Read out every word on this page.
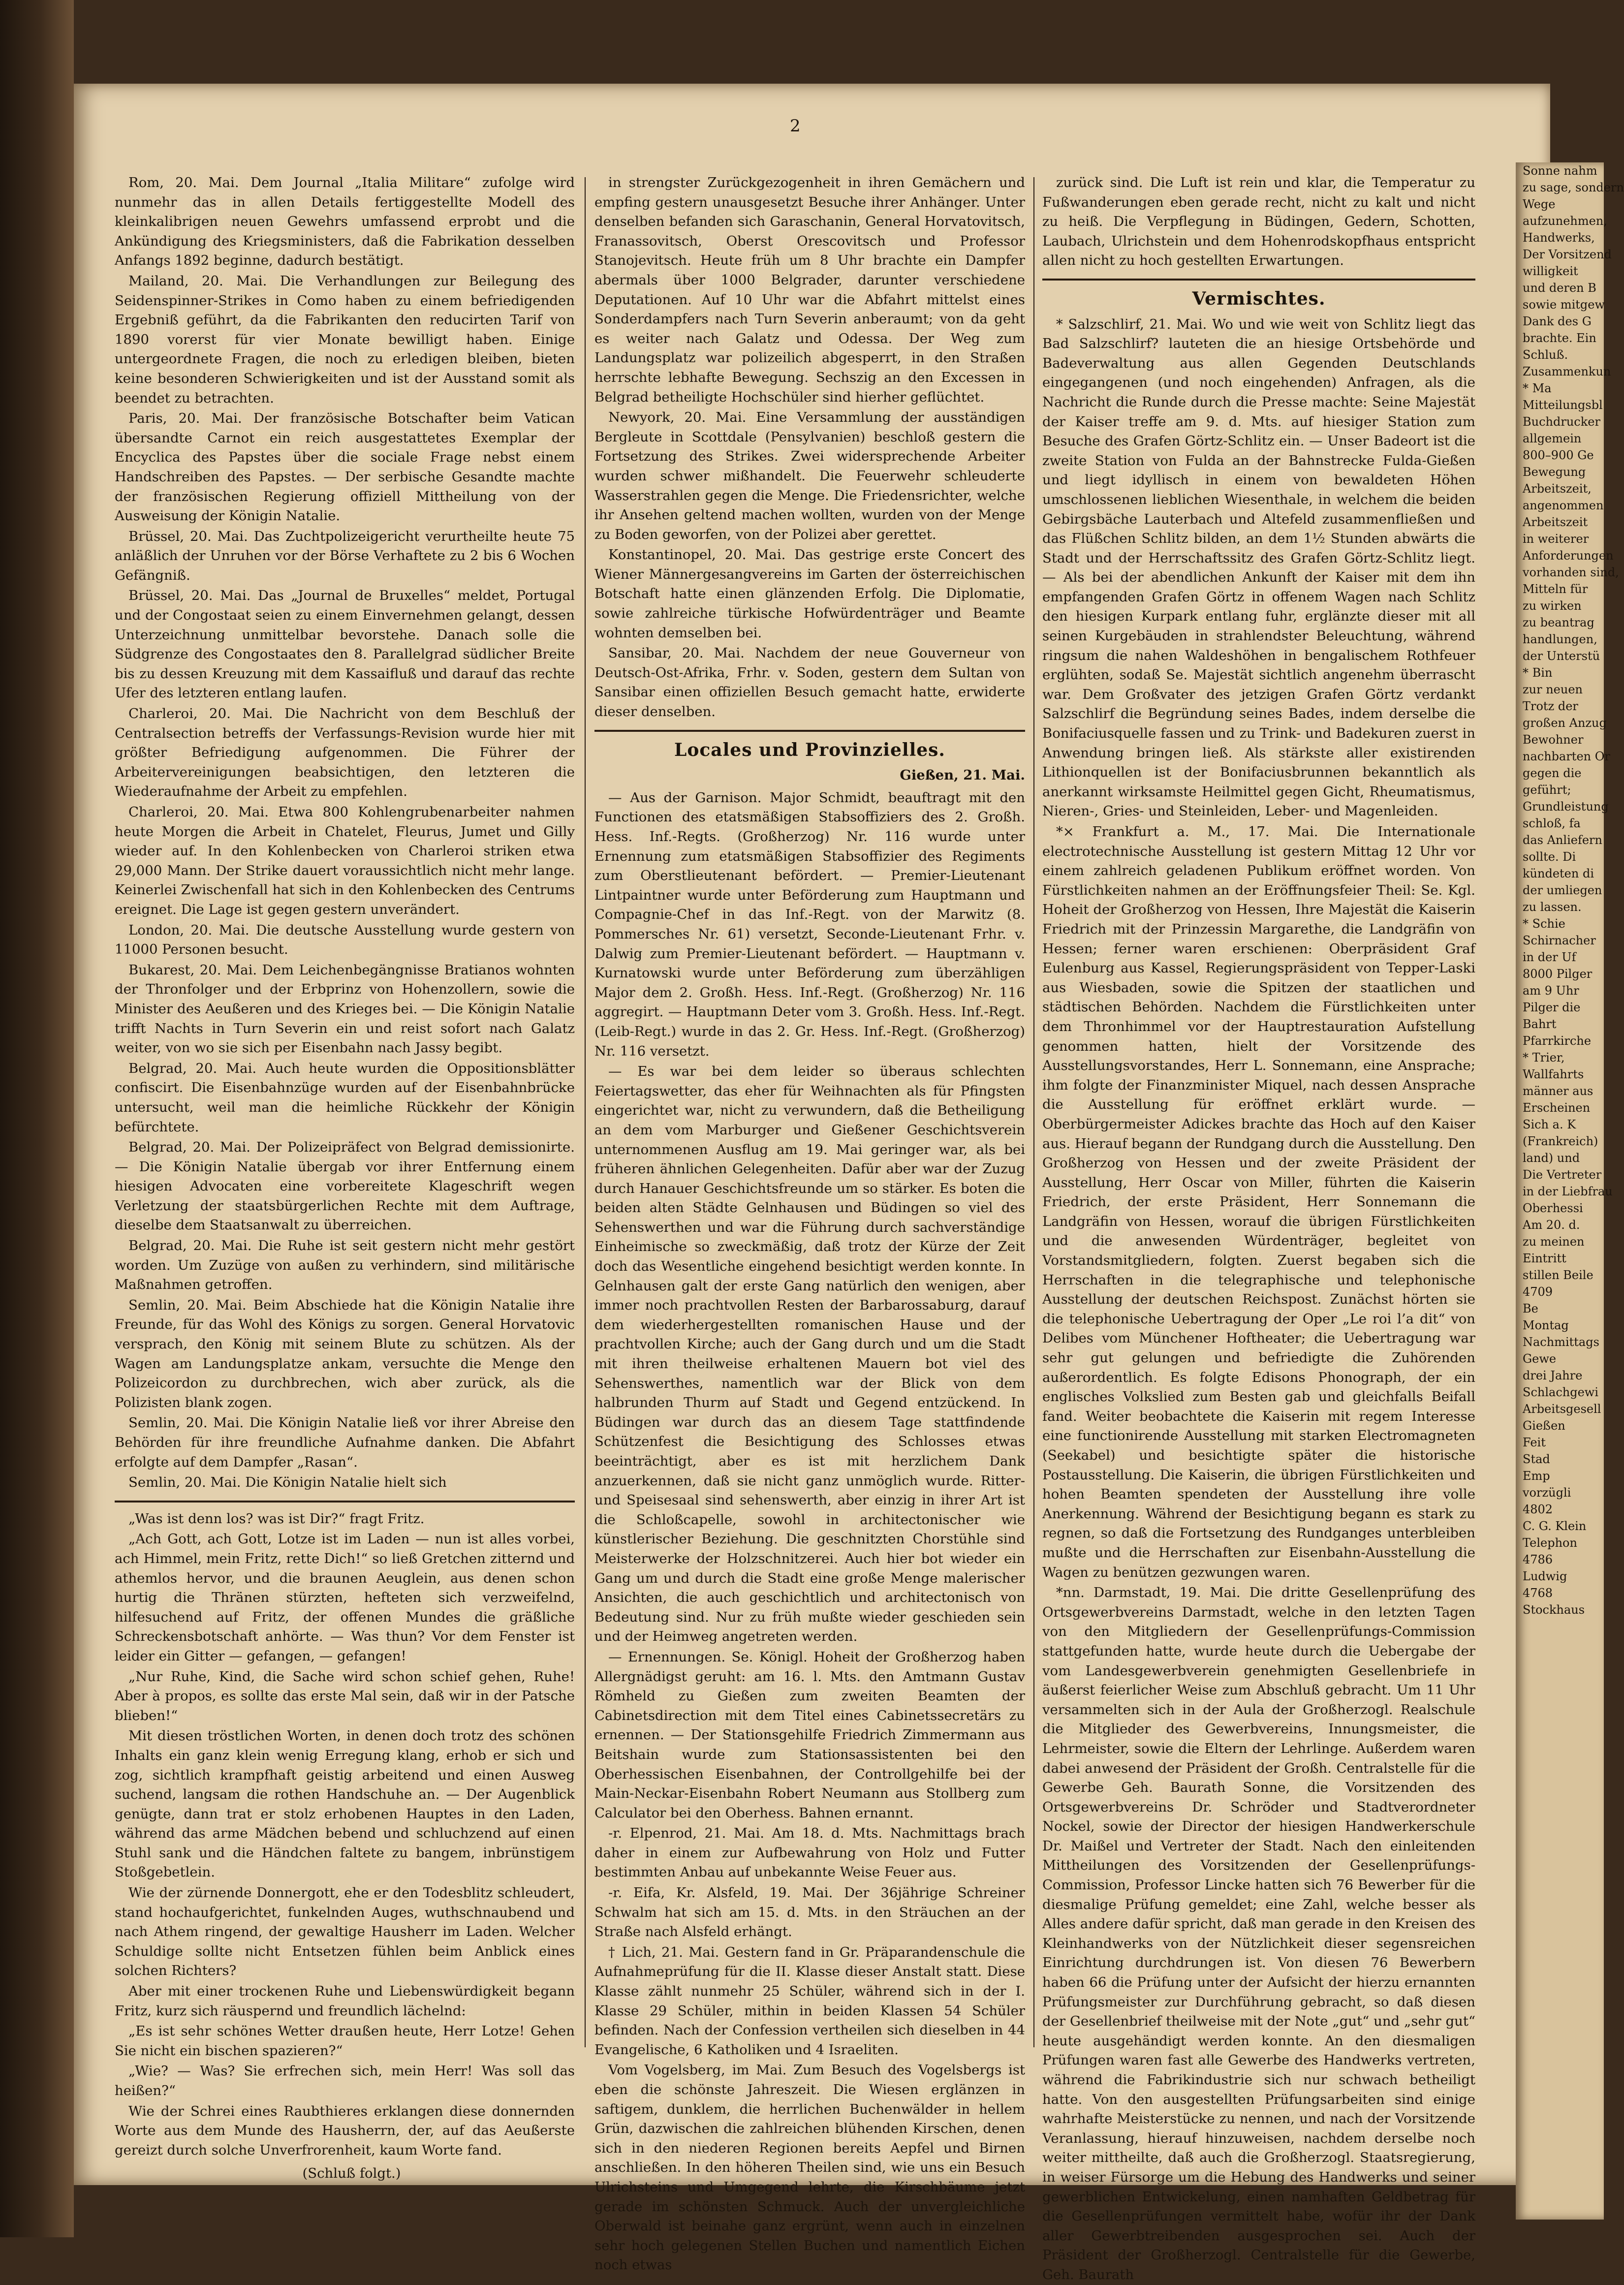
Sonne nahm

zu sage, sondern

Wege

aufzunehmen,

Handwerks,

Der Vorsitzend

willigkeit

und deren B

sowie mitgew

Dank des G

brachte. Ein

Schluß.

Zusammenkun

* Ma

Mitteilungsbl

Buchdrucker

allgemein

800–900 Ge

Bewegung

Arbeitszeit,

angenommen

Arbeitszeit

in weiterer

Anforderungen

vorhanden sind,

Mitteln für

zu wirken

zu beantrag

handlungen,

der Unterstü

* Bin

zur neuen

Trotz der

großen Anzug

Bewohner

nachbarten Or

gegen die

geführt;

Grundleistung

schloß, fa

das Anliefern

sollte. Di

kündeten di

der umliegen

zu lassen.

* Schie

Schirnacher

in der Uf

8000 Pilger

am 9 Uhr

Pilger die

Bahrt

Pfarrkirche

* Trier,

Wallfahrts

männer aus

Erscheinen

Sich a. K

(Frankreich)

land) und

Die Vertreter

in der Liebfrau

Oberhessi

Am 20. d.

zu meinen

Eintritt

stillen Beile

4709

Be

Montag

Nachmittags

Gewe

drei Jahre

Schlachgewi

Arbeitsgesell

Gießen

Feit

Stad

Emp

vorzügli

4802

C. G. Klein

Telephon

4786

Ludwig

4768

Stockhaus

2

Rom, 20. Mai. Dem Journal „Italia Militare“ zufolge wird nunmehr das in allen Details fertiggestellte Modell des kleinkalibrigen neuen Gewehrs umfassend erprobt und die Ankündigung des Kriegsministers, daß die Fabrikation desselben Anfangs 1892 beginne, dadurch bestätigt.

Mailand, 20. Mai. Die Verhandlungen zur Beilegung des Seidenspinner-Strikes in Como haben zu einem befriedigenden Ergebniß geführt, da die Fabrikanten den reducirten Tarif von 1890 vorerst für vier Monate bewilligt haben. Einige untergeordnete Fragen, die noch zu erledigen bleiben, bieten keine besonderen Schwierigkeiten und ist der Ausstand somit als beendet zu betrachten.

Paris, 20. Mai. Der französische Botschafter beim Vatican übersandte Carnot ein reich ausgestattetes Exemplar der Encyclica des Papstes über die sociale Frage nebst einem Handschreiben des Papstes. — Der serbische Gesandte machte der französischen Regierung offiziell Mittheilung von der Ausweisung der Königin Natalie.

Brüssel, 20. Mai. Das Zuchtpolizeigericht verurtheilte heute 75 anläßlich der Unruhen vor der Börse Verhaftete zu 2 bis 6 Wochen Gefängniß.

Brüssel, 20. Mai. Das „Journal de Bruxelles“ meldet, Portugal und der Congostaat seien zu einem Einvernehmen gelangt, dessen Unterzeichnung unmittelbar bevorstehe. Danach solle die Südgrenze des Congostaates den 8. Parallelgrad südlicher Breite bis zu dessen Kreuzung mit dem Kassaifluß und darauf das rechte Ufer des letzteren entlang laufen.

Charleroi, 20. Mai. Die Nachricht von dem Beschluß der Centralsection betreffs der Verfassungs-Revision wurde hier mit größter Befriedigung aufgenommen. Die Führer der Arbeitervereinigungen beabsichtigen, den letzteren die Wiederaufnahme der Arbeit zu empfehlen.

Charleroi, 20. Mai. Etwa 800 Kohlengrubenarbeiter nahmen heute Morgen die Arbeit in Chatelet, Fleurus, Jumet und Gilly wieder auf. In den Kohlenbecken von Charleroi striken etwa 29,000 Mann. Der Strike dauert voraussichtlich nicht mehr lange. Keinerlei Zwischenfall hat sich in den Kohlenbecken des Centrums ereignet. Die Lage ist gegen gestern unverändert.

London, 20. Mai. Die deutsche Ausstellung wurde gestern von 11000 Personen besucht.

Bukarest, 20. Mai. Dem Leichenbegängnisse Bratianos wohnten der Thronfolger und der Erbprinz von Hohenzollern, sowie die Minister des Aeußeren und des Krieges bei. — Die Königin Natalie trifft Nachts in Turn Severin ein und reist sofort nach Galatz weiter, von wo sie sich per Eisenbahn nach Jassy begibt.

Belgrad, 20. Mai. Auch heute wurden die Oppositionsblätter confiscirt. Die Eisenbahnzüge wurden auf der Eisenbahnbrücke untersucht, weil man die heimliche Rückkehr der Königin befürchtete.

Belgrad, 20. Mai. Der Polizeipräfect von Belgrad demissionirte. — Die Königin Natalie übergab vor ihrer Entfernung einem hiesigen Advocaten eine vorbereitete Klageschrift wegen Verletzung der staatsbürgerlichen Rechte mit dem Auftrage, dieselbe dem Staatsanwalt zu überreichen.

Belgrad, 20. Mai. Die Ruhe ist seit gestern nicht mehr gestört worden. Um Zuzüge von außen zu verhindern, sind militärische Maßnahmen getroffen.

Semlin, 20. Mai. Beim Abschiede hat die Königin Natalie ihre Freunde, für das Wohl des Königs zu sorgen. General Horvatovic versprach, den König mit seinem Blute zu schützen. Als der Wagen am Landungsplatze ankam, versuchte die Menge den Polizeicordon zu durchbrechen, wich aber zurück, als die Polizisten blank zogen.

Semlin, 20. Mai. Die Königin Natalie ließ vor ihrer Abreise den Behörden für ihre freundliche Aufnahme danken. Die Abfahrt erfolgte auf dem Dampfer „Rasan“.

Semlin, 20. Mai. Die Königin Natalie hielt sich

„Was ist denn los? was ist Dir?“ fragt Fritz.

„Ach Gott, ach Gott, Lotze ist im Laden — nun ist alles vorbei, ach Himmel, mein Fritz, rette Dich!“ so ließ Gretchen zitternd und athemlos hervor, und die braunen Aeuglein, aus denen schon hurtig die Thränen stürzten, hefteten sich verzweifelnd, hilfesuchend auf Fritz, der offenen Mundes die gräßliche Schreckensbotschaft anhörte. — Was thun? Vor dem Fenster ist leider ein Gitter — gefangen, — gefangen!

„Nur Ruhe, Kind, die Sache wird schon schief gehen, Ruhe! Aber à propos, es sollte das erste Mal sein, daß wir in der Patsche blieben!“

Mit diesen tröstlichen Worten, in denen doch trotz des schönen Inhalts ein ganz klein wenig Erregung klang, erhob er sich und zog, sichtlich krampfhaft geistig arbeitend und einen Ausweg suchend, langsam die rothen Handschuhe an. — Der Augenblick genügte, dann trat er stolz erhobenen Hauptes in den Laden, während das arme Mädchen bebend und schluchzend auf einen Stuhl sank und die Händchen faltete zu bangem, inbrünstigem Stoßgebetlein.

Wie der zürnende Donnergott, ehe er den Todesblitz schleudert, stand hochaufgerichtet, funkelnden Auges, wuthschnaubend und nach Athem ringend, der gewaltige Hausherr im Laden. Welcher Schuldige sollte nicht Entsetzen fühlen beim Anblick eines solchen Richters?

Aber mit einer trockenen Ruhe und Liebenswürdigkeit begann Fritz, kurz sich räuspernd und freundlich lächelnd:

„Es ist sehr schönes Wetter draußen heute, Herr Lotze! Gehen Sie nicht ein bischen spazieren?“

„Wie? — Was? Sie erfrechen sich, mein Herr! Was soll das heißen?“

Wie der Schrei eines Raubthieres erklangen diese donnernden Worte aus dem Munde des Hausherrn, der, auf das Aeußerste gereizt durch solche Unverfrorenheit, kaum Worte fand.

(Schluß folgt.)

in strengster Zurückgezogenheit in ihren Gemächern und empfing gestern unausgesetzt Besuche ihrer Anhänger. Unter denselben befanden sich Garaschanin, General Horvatovitsch, Franassovitsch, Oberst Orescovitsch und Professor Stanojevitsch. Heute früh um 8 Uhr brachte ein Dampfer abermals über 1000 Belgrader, darunter verschiedene Deputationen. Auf 10 Uhr war die Abfahrt mittelst eines Sonderdampfers nach Turn Severin anberaumt; von da geht es weiter nach Galatz und Odessa. Der Weg zum Landungsplatz war polizeilich abgesperrt, in den Straßen herrschte lebhafte Bewegung. Sechszig an den Excessen in Belgrad betheiligte Hochschüler sind hierher geflüchtet.

Newyork, 20. Mai. Eine Versammlung der ausständigen Bergleute in Scottdale (Pensylvanien) beschloß gestern die Fortsetzung des Strikes. Zwei widersprechende Arbeiter wurden schwer mißhandelt. Die Feuerwehr schleuderte Wasserstrahlen gegen die Menge. Die Friedensrichter, welche ihr Ansehen geltend machen wollten, wurden von der Menge zu Boden geworfen, von der Polizei aber gerettet.

Konstantinopel, 20. Mai. Das gestrige erste Concert des Wiener Männergesangvereins im Garten der österreichischen Botschaft hatte einen glänzenden Erfolg. Die Diplomatie, sowie zahlreiche türkische Hofwürdenträger und Beamte wohnten demselben bei.

Sansibar, 20. Mai. Nachdem der neue Gouverneur von Deutsch-Ost-Afrika, Frhr. v. Soden, gestern dem Sultan von Sansibar einen offiziellen Besuch gemacht hatte, erwiderte dieser denselben.

Locales und Provinzielles.

Gießen, 21. Mai.

— Aus der Garnison. Major Schmidt, beauftragt mit den Functionen des etatsmäßigen Stabsoffiziers des 2. Großh. Hess. Inf.-Regts. (Großherzog) Nr. 116 wurde unter Ernennung zum etatsmäßigen Stabsoffizier des Regiments zum Oberstlieutenant befördert. — Premier-Lieutenant Lintpaintner wurde unter Beförderung zum Hauptmann und Compagnie-Chef in das Inf.-Regt. von der Marwitz (8. Pommersches Nr. 61) versetzt, Seconde-Lieutenant Frhr. v. Dalwig zum Premier-Lieutenant befördert. — Hauptmann v. Kurnatowski wurde unter Beförderung zum überzähligen Major dem 2. Großh. Hess. Inf.-Regt. (Großherzog) Nr. 116 aggregirt. — Hauptmann Deter vom 3. Großh. Hess. Inf.-Regt. (Leib-Regt.) wurde in das 2. Gr. Hess. Inf.-Regt. (Großherzog) Nr. 116 versetzt.

— Es war bei dem leider so überaus schlechten Feiertagswetter, das eher für Weihnachten als für Pfingsten eingerichtet war, nicht zu verwundern, daß die Betheiligung an dem vom Marburger und Gießener Geschichtsverein unternommenen Ausflug am 19. Mai geringer war, als bei früheren ähnlichen Gelegenheiten. Dafür aber war der Zuzug durch Hanauer Geschichtsfreunde um so stärker. Es boten die beiden alten Städte Gelnhausen und Büdingen so viel des Sehenswerthen und war die Führung durch sachverständige Einheimische so zweckmäßig, daß trotz der Kürze der Zeit doch das Wesentliche eingehend besichtigt werden konnte. In Gelnhausen galt der erste Gang natürlich den wenigen, aber immer noch prachtvollen Resten der Barbarossaburg, darauf dem wiederhergestellten romanischen Hause und der prachtvollen Kirche; auch der Gang durch und um die Stadt mit ihren theilweise erhaltenen Mauern bot viel des Sehenswerthes, namentlich war der Blick von dem halbrunden Thurm auf Stadt und Gegend entzückend. In Büdingen war durch das an diesem Tage stattfindende Schützenfest die Besichtigung des Schlosses etwas beeinträchtigt, aber es ist mit herzlichem Dank anzuerkennen, daß sie nicht ganz unmöglich wurde. Ritter- und Speisesaal sind sehenswerth, aber einzig in ihrer Art ist die Schloßcapelle, sowohl in architectonischer wie künstlerischer Beziehung. Die geschnitzten Chorstühle sind Meisterwerke der Holzschnitzerei. Auch hier bot wieder ein Gang um und durch die Stadt eine große Menge malerischer Ansichten, die auch geschichtlich und architectonisch von Bedeutung sind. Nur zu früh mußte wieder geschieden sein und der Heimweg angetreten werden.

— Ernennungen. Se. Königl. Hoheit der Großherzog haben Allergnädigst geruht: am 16. l. Mts. den Amtmann Gustav Römheld zu Gießen zum zweiten Beamten der Cabinetsdirection mit dem Titel eines Cabinetssecretärs zu ernennen. — Der Stationsgehilfe Friedrich Zimmermann aus Beitshain wurde zum Stationsassistenten bei den Oberhessischen Eisenbahnen, der Controllgehilfe bei der Main-Neckar-Eisenbahn Robert Neumann aus Stollberg zum Calculator bei den Oberhess. Bahnen ernannt.

-r. Elpenrod, 21. Mai. Am 18. d. Mts. Nachmittags brach daher in einem zur Aufbewahrung von Holz und Futter bestimmten Anbau auf unbekannte Weise Feuer aus.

-r. Eifa, Kr. Alsfeld, 19. Mai. Der 36jährige Schreiner Schwalm hat sich am 15. d. Mts. in den Sträuchen an der Straße nach Alsfeld erhängt.

† Lich, 21. Mai. Gestern fand in Gr. Präparandenschule die Aufnahmeprüfung für die II. Klasse dieser Anstalt statt. Diese Klasse zählt nunmehr 25 Schüler, während sich in der I. Klasse 29 Schüler, mithin in beiden Klassen 54 Schüler befinden. Nach der Confession vertheilen sich dieselben in 44 Evangelische, 6 Katholiken und 4 Israeliten.

Vom Vogelsberg, im Mai. Zum Besuch des Vogelsbergs ist eben die schönste Jahreszeit. Die Wiesen erglänzen in saftigem, dunklem, die herrlichen Buchenwälder in hellem Grün, dazwischen die zahlreichen blühenden Kirschen, denen sich in den niederen Regionen bereits Aepfel und Birnen anschließen. In den höheren Theilen sind, wie uns ein Besuch Ulrichsteins und Umgegend lehrte, die Kirschbäume jetzt gerade im schönsten Schmuck. Auch der unvergleichliche Oberwald ist beinahe ganz ergrünt, wenn auch in einzelnen sehr hoch gelegenen Stellen Buchen und namentlich Eichen noch etwas

zurück sind. Die Luft ist rein und klar, die Temperatur zu Fußwanderungen eben gerade recht, nicht zu kalt und nicht zu heiß. Die Verpflegung in Büdingen, Gedern, Schotten, Laubach, Ulrichstein und dem Hohenrodskopfhaus entspricht allen nicht zu hoch gestellten Erwartungen.

Vermischtes.

* Salzschlirf, 21. Mai. Wo und wie weit von Schlitz liegt das Bad Salzschlirf? lauteten die an hiesige Ortsbehörde und Badeverwaltung aus allen Gegenden Deutschlands eingegangenen (und noch eingehenden) Anfragen, als die Nachricht die Runde durch die Presse machte: Seine Majestät der Kaiser treffe am 9. d. Mts. auf hiesiger Station zum Besuche des Grafen Görtz-Schlitz ein. — Unser Badeort ist die zweite Station von Fulda an der Bahnstrecke Fulda-Gießen und liegt idyllisch in einem von bewaldeten Höhen umschlossenen lieblichen Wiesenthale, in welchem die beiden Gebirgsbäche Lauterbach und Altefeld zusammenfließen und das Flüßchen Schlitz bilden, an dem 1½ Stunden abwärts die Stadt und der Herrschaftssitz des Grafen Görtz-Schlitz liegt. — Als bei der abendlichen Ankunft der Kaiser mit dem ihn empfangenden Grafen Görtz in offenem Wagen nach Schlitz den hiesigen Kurpark entlang fuhr, erglänzte dieser mit all seinen Kurgebäuden in strahlendster Beleuchtung, während ringsum die nahen Waldeshöhen in bengalischem Rothfeuer erglühten, sodaß Se. Majestät sichtlich angenehm überrascht war. Dem Großvater des jetzigen Grafen Görtz verdankt Salzschlirf die Begründung seines Bades, indem derselbe die Bonifaciusquelle fassen und zu Trink- und Badekuren zuerst in Anwendung bringen ließ. Als stärkste aller existirenden Lithionquellen ist der Bonifaciusbrunnen bekanntlich als anerkannt wirksamste Heilmittel gegen Gicht, Rheumatismus, Nieren-, Gries- und Steinleiden, Leber- und Magenleiden.

*× Frankfurt a. M., 17. Mai. Die Internationale electrotechnische Ausstellung ist gestern Mittag 12 Uhr vor einem zahlreich geladenen Publikum eröffnet worden. Von Fürstlichkeiten nahmen an der Eröffnungsfeier Theil: Se. Kgl. Hoheit der Großherzog von Hessen, Ihre Majestät die Kaiserin Friedrich mit der Prinzessin Margarethe, die Landgräfin von Hessen; ferner waren erschienen: Oberpräsident Graf Eulenburg aus Kassel, Regierungspräsident von Tepper-Laski aus Wiesbaden, sowie die Spitzen der staatlichen und städtischen Behörden. Nachdem die Fürstlichkeiten unter dem Thronhimmel vor der Hauptrestauration Aufstellung genommen hatten, hielt der Vorsitzende des Ausstellungsvorstandes, Herr L. Sonnemann, eine Ansprache; ihm folgte der Finanzminister Miquel, nach dessen Ansprache die Ausstellung für eröffnet erklärt wurde. — Oberbürgermeister Adickes brachte das Hoch auf den Kaiser aus. Hierauf begann der Rundgang durch die Ausstellung. Den Großherzog von Hessen und der zweite Präsident der Ausstellung, Herr Oscar von Miller, führten die Kaiserin Friedrich, der erste Präsident, Herr Sonnemann die Landgräfin von Hessen, worauf die übrigen Fürstlichkeiten und die anwesenden Würdenträger, begleitet von Vorstandsmitgliedern, folgten. Zuerst begaben sich die Herrschaften in die telegraphische und telephonische Ausstellung der deutschen Reichspost. Zunächst hörten sie die telephonische Uebertragung der Oper „Le roi l’a dit“ von Delibes vom Münchener Hoftheater; die Uebertragung war sehr gut gelungen und befriedigte die Zuhörenden außerordentlich. Es folgte Edisons Phonograph, der ein englisches Volkslied zum Besten gab und gleichfalls Beifall fand. Weiter beobachtete die Kaiserin mit regem Interesse eine functionirende Ausstellung mit starken Electromagneten (Seekabel) und besichtigte später die historische Postausstellung. Die Kaiserin, die übrigen Fürstlichkeiten und hohen Beamten spendeten der Ausstellung ihre volle Anerkennung. Während der Besichtigung begann es stark zu regnen, so daß die Fortsetzung des Rundganges unterbleiben mußte und die Herrschaften zur Eisenbahn-Ausstellung die Wagen zu benützen gezwungen waren.

*nn. Darmstadt, 19. Mai. Die dritte Gesellenprüfung des Ortsgewerbvereins Darmstadt, welche in den letzten Tagen von den Mitgliedern der Gesellenprüfungs-Commission stattgefunden hatte, wurde heute durch die Uebergabe der vom Landesgewerbverein genehmigten Gesellenbriefe in äußerst feierlicher Weise zum Abschluß gebracht. Um 11 Uhr versammelten sich in der Aula der Großherzogl. Realschule die Mitglieder des Gewerbvereins, Innungsmeister, die Lehrmeister, sowie die Eltern der Lehrlinge. Außerdem waren dabei anwesend der Präsident der Großh. Centralstelle für die Gewerbe Geh. Baurath Sonne, die Vorsitzenden des Ortsgewerbvereins Dr. Schröder und Stadtverordneter Nockel, sowie der Director der hiesigen Handwerkerschule Dr. Maißel und Vertreter der Stadt. Nach den einleitenden Mittheilungen des Vorsitzenden der Gesellenprüfungs-Commission, Professor Lincke hatten sich 76 Bewerber für die diesmalige Prüfung gemeldet; eine Zahl, welche besser als Alles andere dafür spricht, daß man gerade in den Kreisen des Kleinhandwerks von der Nützlichkeit dieser segensreichen Einrichtung durchdrungen ist. Von diesen 76 Bewerbern haben 66 die Prüfung unter der Aufsicht der hierzu ernannten Prüfungsmeister zur Durchführung gebracht, so daß diesen der Gesellenbrief theilweise mit der Note „gut“ und „sehr gut“ heute ausgehändigt werden konnte. An den diesmaligen Prüfungen waren fast alle Gewerbe des Handwerks vertreten, während die Fabrikindustrie sich nur schwach betheiligt hatte. Von den ausgestellten Prüfungsarbeiten sind einige wahrhafte Meisterstücke zu nennen, und nach der Vorsitzende Veranlassung, hierauf hinzuweisen, nachdem derselbe noch weiter mittheilte, daß auch die Großherzogl. Staatsregierung, in weiser Fürsorge um die Hebung des Handwerks und seiner gewerblichen Entwickelung, einen namhaften Geldbetrag für die Gesellenprüfungen vermittelt habe, wofür ihr der Dank aller Gewerbtreibenden ausgesprochen sei. Auch der Präsident der Großherzogl. Centralstelle für die Gewerbe, Geh. Baurath
